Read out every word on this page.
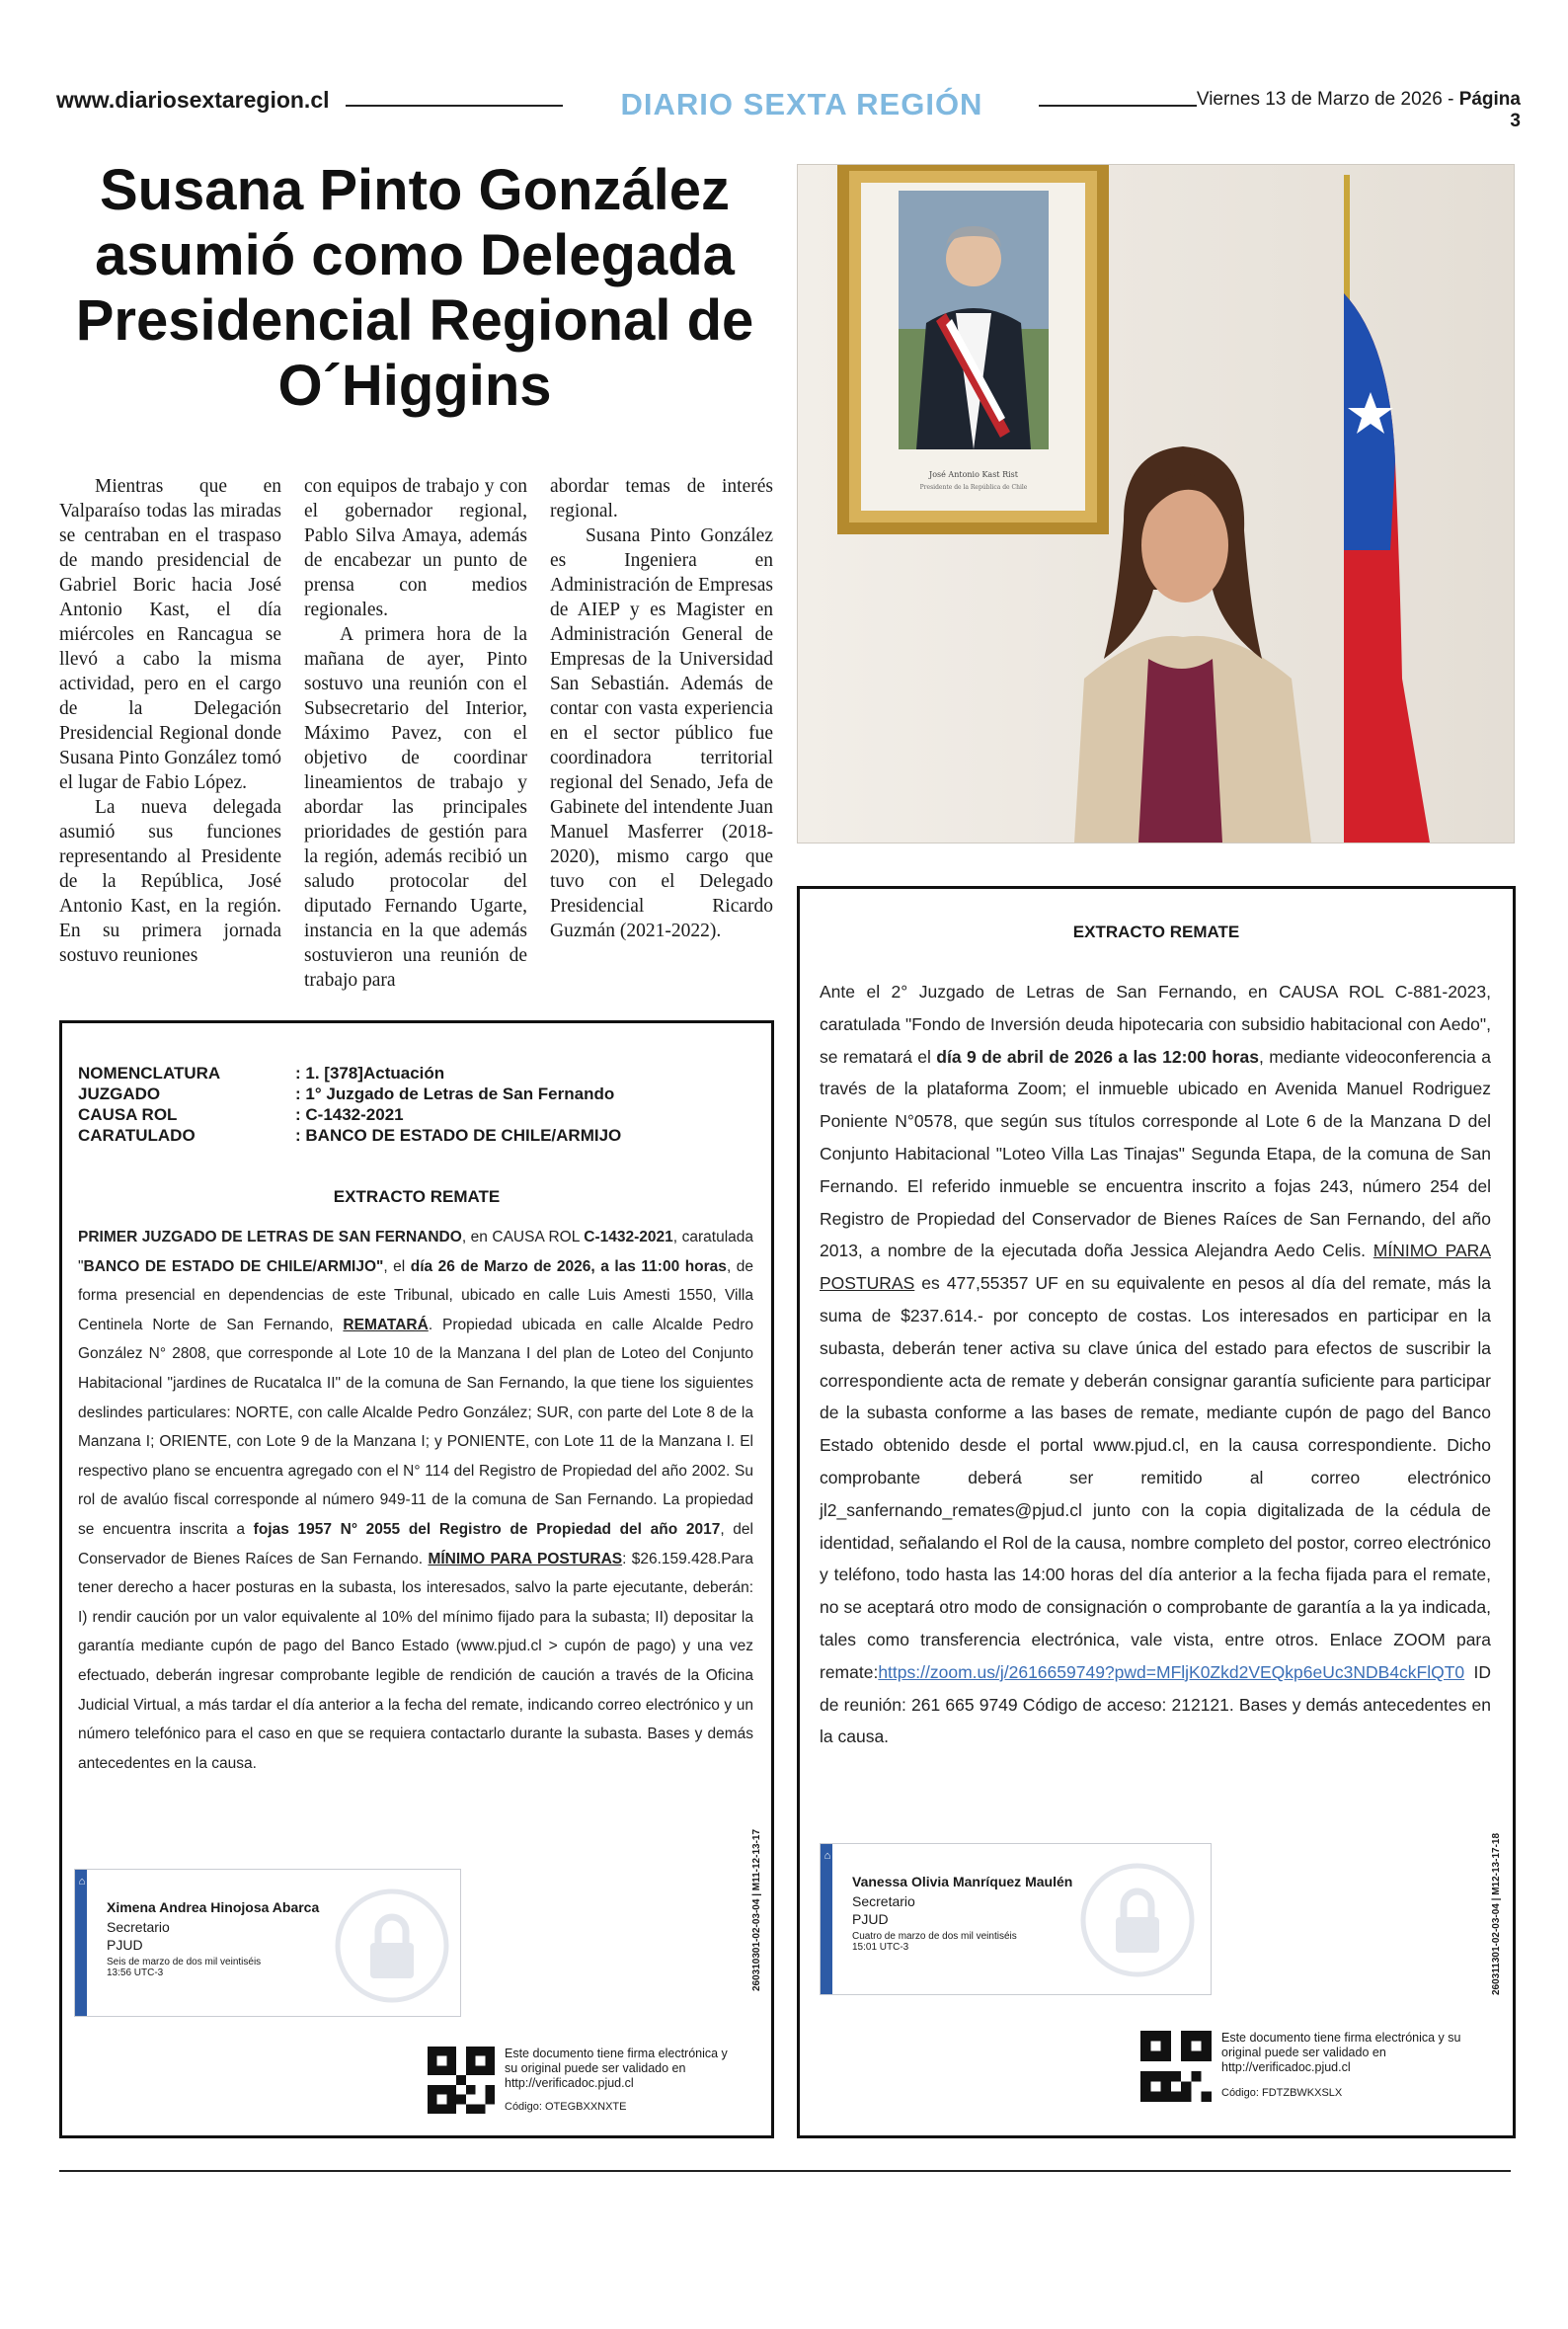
www.diariosextaregion.cl	DIARIO SEXTA REGIÓN	Viernes 13 de Marzo de 2026 - Página 3
Susana Pinto González asumió como Delegada Presidencial Regional de O´Higgins

Mientras que en Valparaíso todas las miradas se centraban en el traspaso de mando presidencial de Gabriel Boric hacia José Antonio Kast, el día miércoles en Rancagua se llevó a cabo la misma actividad, pero en el cargo de la Delegación Presidencial Regional donde Susana Pinto González tomó el lugar de Fabio López.

La nueva delegada asumió sus funciones representando al Presidente de la República, José Antonio Kast, en la región. En su primera jornada sostuvo reuniones

con equipos de trabajo y con el gobernador regional, Pablo Silva Amaya, además de encabezar un punto de prensa con medios regionales.

A primera hora de la mañana de ayer, Pinto sostuvo una reunión con el Subsecretario del Interior, Máximo Pavez, con el objetivo de coordinar lineamientos de trabajo y abordar las principales prioridades de gestión para la región, además recibió un saludo protocolar del diputado Fernando Ugarte, instancia en la que además sostuvieron una reunión de trabajo para

abordar temas de interés regional.

Susana Pinto González es Ingeniera en Administración de Empresas de AIEP y es Magister en Administración General de Empresas de la Universidad San Sebastián. Además de contar con vasta experiencia en el sector público fue coordinadora territorial regional del Senado, Jefa de Gabinete del intendente Juan Manuel Masferrer (2018-2020), mismo cargo que tuvo con el Delegado Presidencial Ricardo Guzmán (2021-2022).

José Antonio Kast Rist
Presidente de la República de Chile
NOMENCLATURA	: 1. [378]Actuación
JUZGADO	: 1° Juzgado de Letras de San Fernando
CAUSA ROL	: C-1432-2021
CARATULADO	: BANCO DE ESTADO DE CHILE/ARMIJO
EXTRACTO REMATE
PRIMER JUZGADO DE LETRAS DE SAN FERNANDO, en CAUSA ROL C-1432-2021, caratulada "BANCO DE ESTADO DE CHILE/ARMIJO", el día 26 de Marzo de 2026, a las 11:00 horas, de forma presencial en dependencias de este Tribunal, ubicado en calle Luis Amesti 1550, Villa Centinela Norte de San Fernando, REMATARÁ. Propiedad ubicada en calle Alcalde Pedro González N° 2808, que corresponde al Lote 10 de la Manzana I del plan de Loteo del Conjunto Habitacional "jardines de Rucatalca II" de la comuna de San Fernando, la que tiene los siguientes deslindes particulares: NORTE, con calle Alcalde Pedro González; SUR, con parte del Lote 8 de la Manzana I; ORIENTE, con Lote 9 de la Manzana I; y PONIENTE, con Lote 11 de la Manzana I. El respectivo plano se encuentra agregado con el N° 114 del Registro de Propiedad del año 2002. Su rol de avalúo fiscal corresponde al número 949-11 de la comuna de San Fernando. La propiedad se encuentra inscrita a fojas 1957 N° 2055 del Registro de Propiedad del año 2017, del Conservador de Bienes Raíces de San Fernando. MÍNIMO PARA POSTURAS: $26.159.428.Para tener derecho a hacer posturas en la subasta, los interesados, salvo la parte ejecutante, deberán: I) rendir caución por un valor equivalente al 10% del mínimo fijado para la subasta; II) depositar la garantía mediante cupón de pago del Banco Estado (www.pjud.cl > cupón de pago) y una vez efectuado, deberán ingresar comprobante legible de rendición de caución a través de la Oficina Judicial Virtual, a más tardar el día anterior a la fecha del remate, indicando correo electrónico y un número telefónico para el caso en que se requiera contactarlo durante la subasta. Bases y demás antecedentes en la causa.
⌂
Ximena Andrea Hinojosa Abarca
Secretario
PJUD
Seis de marzo de dos mil veintiséis
13:56 UTC-3
Este documento tiene firma electrónica y su original puede ser validado en http://verificadoc.pjud.cl
Código: OTEGBXXNXTE
260310301-02-03-04 | M11-12-13-17
EXTRACTO REMATE
Ante el 2° Juzgado de Letras de San Fernando, en CAUSA ROL C-881-2023, caratulada "Fondo de Inversión deuda hipotecaria con subsidio habitacional con Aedo", se rematará el día 9 de abril de 2026 a las 12:00 horas, mediante videoconferencia a través de la plataforma Zoom; el inmueble ubicado en Avenida Manuel Rodriguez Poniente N°0578, que según sus títulos corresponde al Lote 6 de la Manzana D del Conjunto Habitacional "Loteo Villa Las Tinajas" Segunda Etapa, de la comuna de San Fernando. El referido inmueble se encuentra inscrito a fojas 243, número 254 del Registro de Propiedad del Conservador de Bienes Raíces de San Fernando, del año 2013, a nombre de la ejecutada doña Jessica Alejandra Aedo Celis. MÍNIMO PARA POSTURAS es 477,55357 UF en su equivalente en pesos al día del remate, más la suma de $237.614.- por concepto de costas. Los interesados en participar en la subasta, deberán tener activa su clave única del estado para efectos de suscribir la correspondiente acta de remate y deberán consignar garantía suficiente para participar de la subasta conforme a las bases de remate, mediante cupón de pago del Banco Estado obtenido desde el portal www.pjud.cl, en la causa correspondiente. Dicho comprobante deberá ser remitido al correo electrónico jl2_sanfernando_remates@pjud.cl junto con la copia digitalizada de la cédula de identidad, señalando el Rol de la causa, nombre completo del postor, correo electrónico y teléfono, todo hasta las 14:00 horas del día anterior a la fecha fijada para el remate, no se aceptará otro modo de consignación o comprobante de garantía a la ya indicada, tales como transferencia electrónica, vale vista, entre otros. Enlace ZOOM para remate:https://zoom.us/j/2616659749?pwd=MFljK0Zkd2VEQkp6eUc3NDB4ckFlQT0 ID de reunión: 261 665 9749 Código de acceso: 212121. Bases y demás antecedentes en la causa.
⌂
Vanessa Olivia Manríquez Maulén
Secretario
PJUD
Cuatro de marzo de dos mil veintiséis
15:01 UTC-3
Este documento tiene firma electrónica y su original puede ser validado en http://verificadoc.pjud.cl
Código: FDTZBWKXSLX
260311301-02-03-04 | M12-13-17-18
